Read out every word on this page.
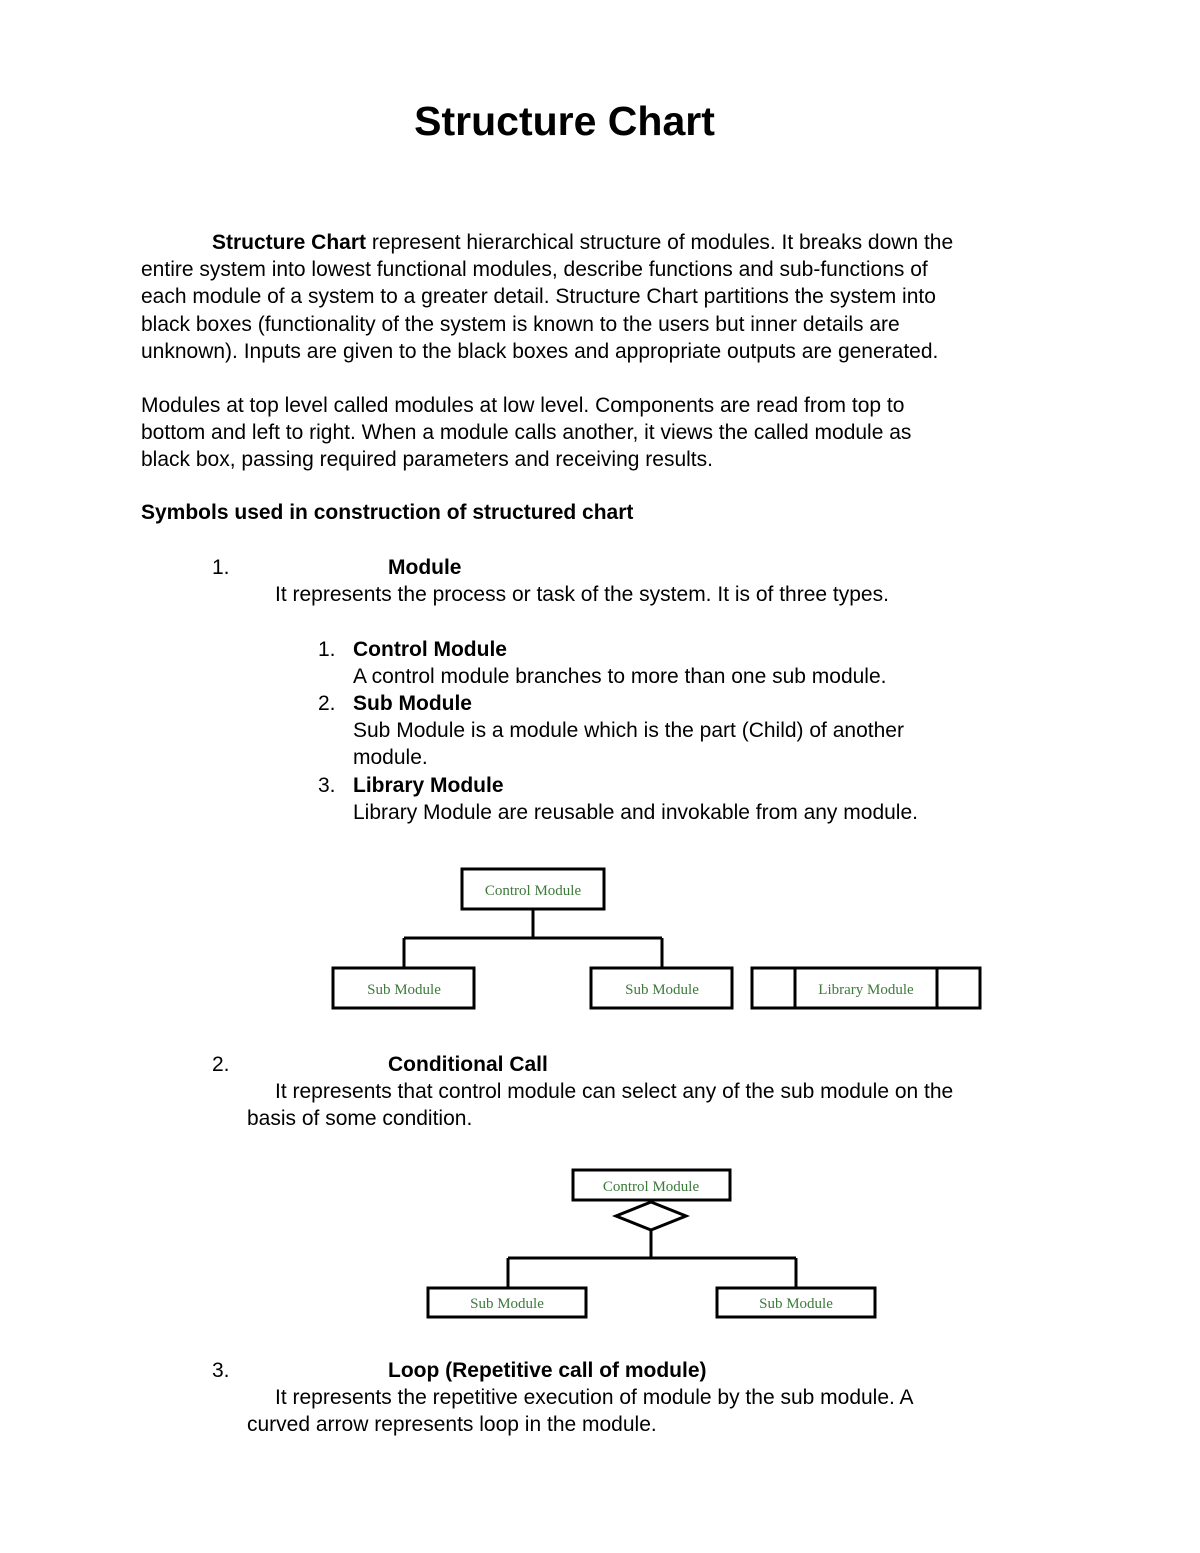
Structure Chart
Structure Chart represent hierarchical structure of modules. It breaks down the
entire system into lowest functional modules, describe functions and sub-functions of
each module of a system to a greater detail. Structure Chart partitions the system into
black boxes (functionality of the system is known to the users but inner details are
unknown). Inputs are given to the black boxes and appropriate outputs are generated.
Modules at top level called modules at low level. Components are read from top to
bottom and left to right. When a module calls another, it views the called module as
black box, passing required parameters and receiving results.
Symbols used in construction of structured chart
1.	Module
It represents the process or task of the system. It is of three types.
1. Control Module
A control module branches to more than one sub module.
2. Sub Module
Sub Module is a module which is the part (Child) of another
module.
3. Library Module
Library Module are reusable and invokable from any module.
Control Module
Sub Module	Sub Module	Library Module
2.	Conditional Call
It represents that control module can select any of the sub module on the
basis of some condition.
Control Module
Sub Module	Sub Module
3.	Loop (Repetitive call of module)
It represents the repetitive execution of module by the sub module. A
curved arrow represents loop in the module.
